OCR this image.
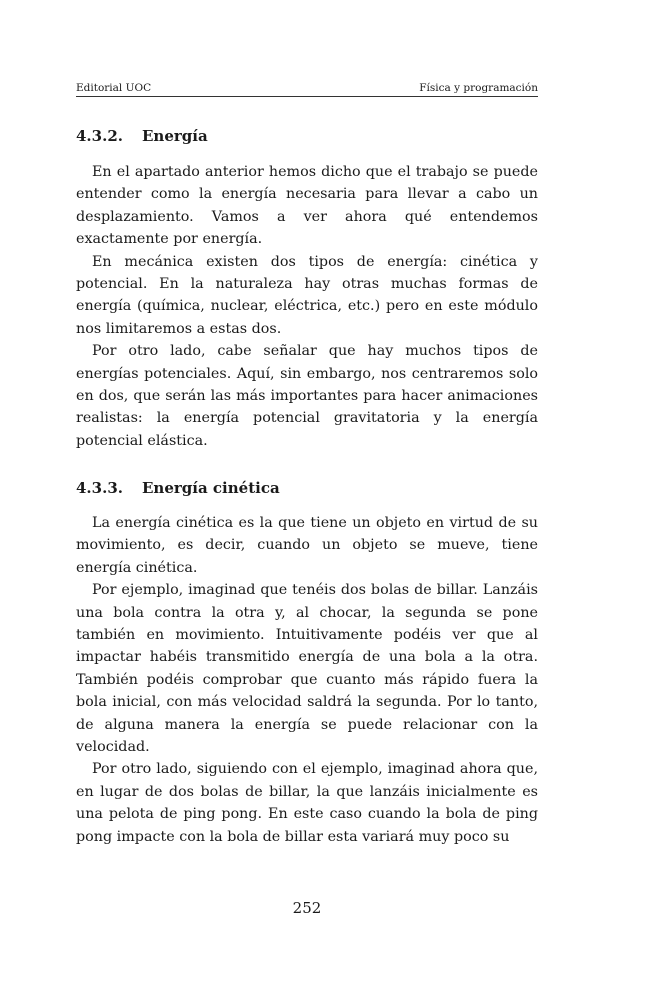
Editorial UOC	Física y programación
4.3.2. Energía

En el apartado anterior hemos dicho que el trabajo se puede entender como la energía necesaria para llevar a cabo un desplazamiento. Vamos a ver ahora qué entendemos exactamente por energía.

En mecánica existen dos tipos de energía: cinética y potencial. En la naturaleza hay otras muchas formas de energía (química, nuclear, eléctrica, etc.) pero en este módulo nos limitaremos a estas dos.

Por otro lado, cabe señalar que hay muchos tipos de energías potenciales. Aquí, sin embargo, nos centraremos solo en dos, que serán las más importantes para hacer animaciones realistas: la energía potencial gravitatoria y la energía potencial elástica.

4.3.3. Energía cinética

La energía cinética es la que tiene un objeto en virtud de su movimiento, es decir, cuando un objeto se mueve, tiene energía cinética.

Por ejemplo, imaginad que tenéis dos bolas de billar. Lanzáis una bola contra la otra y, al chocar, la segunda se pone también en movimiento. Intuitivamente podéis ver que al impactar habéis transmitido energía de una bola a la otra. También podéis comprobar que cuanto más rápido fuera la bola inicial, con más velocidad saldrá la segunda. Por lo tanto, de alguna manera la energía se puede relacionar con la velocidad.

Por otro lado, siguiendo con el ejemplo, imaginad ahora que, en lugar de dos bolas de billar, la que lanzáis inicialmente es una pelota de ping pong. En este caso cuando la bola de ping pong impacte con la bola de billar esta variará muy poco su

252
